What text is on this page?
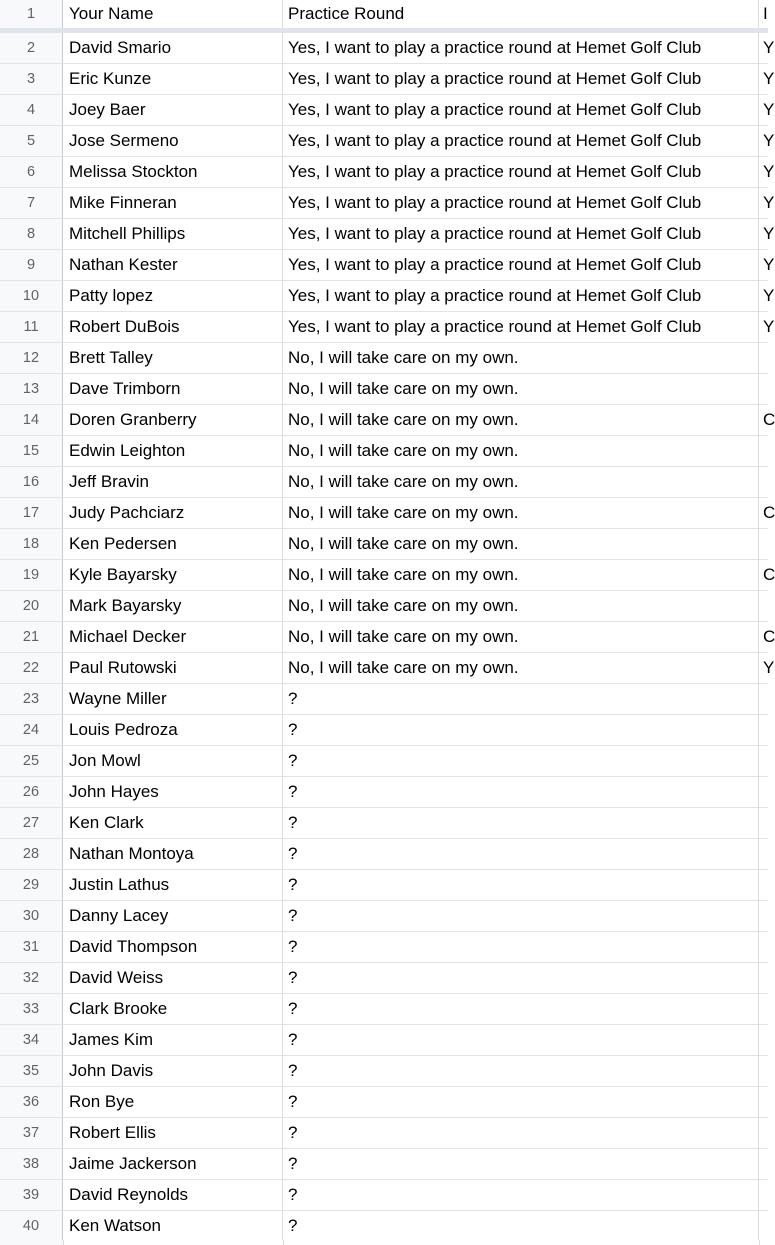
1	Your Name	Practice Round	I
2	David Smario	Yes, I want to play a practice round at Hemet Golf Club	Y
3	Eric Kunze	Yes, I want to play a practice round at Hemet Golf Club	Y
4	Joey Baer	Yes, I want to play a practice round at Hemet Golf Club	Y
5	Jose Sermeno	Yes, I want to play a practice round at Hemet Golf Club	Y
6	Melissa Stockton	Yes, I want to play a practice round at Hemet Golf Club	Y
7	Mike Finneran	Yes, I want to play a practice round at Hemet Golf Club	Y
8	Mitchell Phillips	Yes, I want to play a practice round at Hemet Golf Club	Y
9	Nathan Kester	Yes, I want to play a practice round at Hemet Golf Club	Y
10	Patty lopez	Yes, I want to play a practice round at Hemet Golf Club	Y
11	Robert DuBois	Yes, I want to play a practice round at Hemet Golf Club	Y
12	Brett Talley	No, I will take care on my own.
13	Dave Trimborn	No, I will take care on my own.
14	Doren Granberry	No, I will take care on my own.	C
15	Edwin Leighton	No, I will take care on my own.
16	Jeff Bravin	No, I will take care on my own.
17	Judy Pachciarz	No, I will take care on my own.	C
18	Ken Pedersen	No, I will take care on my own.
19	Kyle Bayarsky	No, I will take care on my own.	C
20	Mark Bayarsky	No, I will take care on my own.
21	Michael Decker	No, I will take care on my own.	C
22	Paul Rutowski	No, I will take care on my own.	Y
23	Wayne Miller	?
24	Louis Pedroza	?
25	Jon Mowl	?
26	John Hayes	?
27	Ken Clark	?
28	Nathan Montoya	?
29	Justin Lathus	?
30	Danny Lacey	?
31	David Thompson	?
32	David Weiss	?
33	Clark Brooke	?
34	James Kim	?
35	John Davis	?
36	Ron Bye	?
37	Robert Ellis	?
38	Jaime Jackerson	?
39	David Reynolds	?
40	Ken Watson	?
